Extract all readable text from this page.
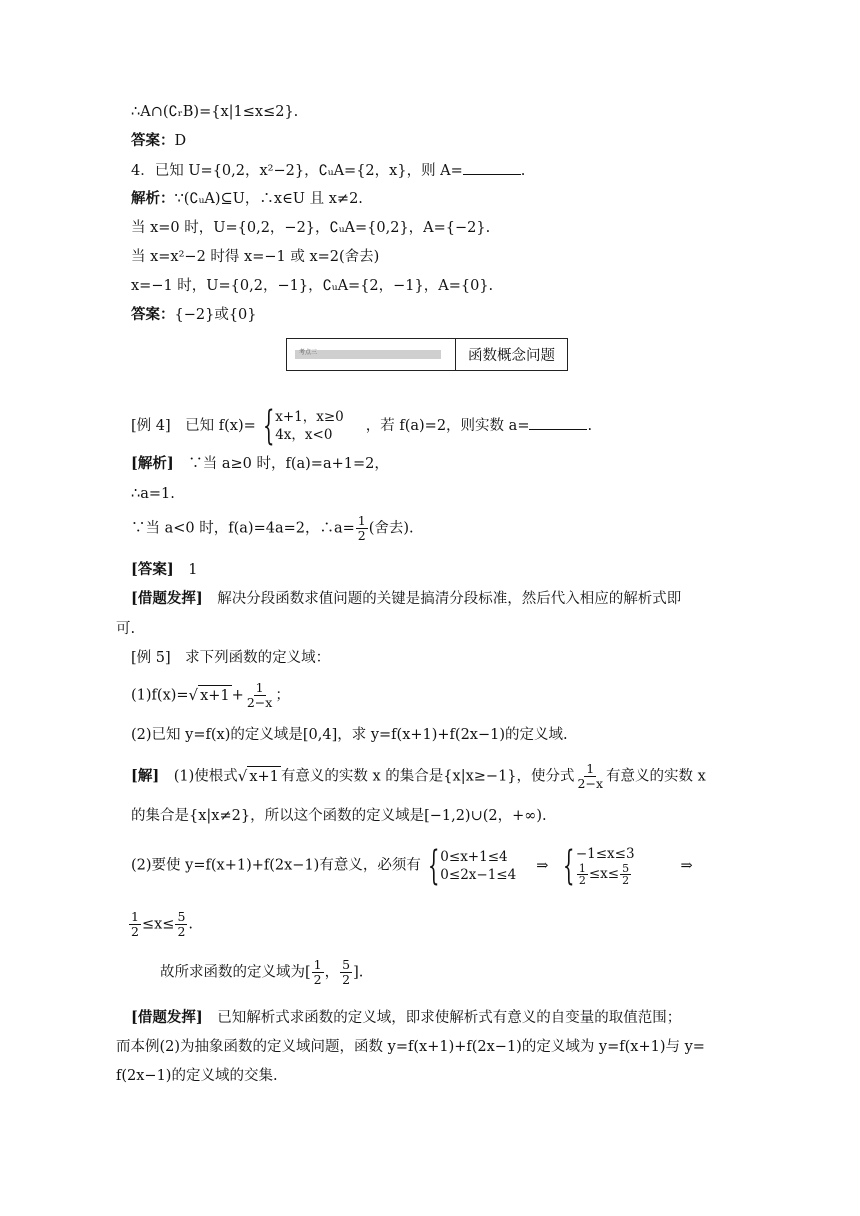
∴A∩(∁ᵣB)={x|1≤x≤2}.
答案：D
4．已知 U={0,2，x²−2}，∁ᵤA={2，x}，则 A=	.
解析：∵(∁ᵤA)⊆U，∴x∈U 且 x≠2.
当 x=0 时，U={0,2，−2}，∁ᵤA={0,2}，A={−2}.
当 x=x²−2 时得 x=−1 或 x=2(舍去)
x=−1 时，U={0,2，−1}，∁ᵤA={2，−1}，A={0}.
答案：{−2}或{0}
考点三	函数概念问题
[例 4]　已知 f(x)= { x+1，x≥0
4x，x<0
，若 f(a)=2，则实数 a=	.
[解析]　∵当 a≥0 时，f(a)=a+1=2，
∴a=1.
∵当 a<0 时，f(a)=4a=2，∴a= $\frac{1}{2}$ (舍去).
[答案]　1
[借题发挥]　解决分段函数求值问题的关键是搞清分段标准，然后代入相应的解析式即
可.
[例 5]　求下列函数的定义域：
(1)f(x)= √ $x+1 + \frac{1}{2-x}$ ；
(2)已知 y=f(x)的定义域是[0,4]，求 y=f(x+1)+f(2x−1)的定义域.
[解]　(1)使根式 √ x+1 有意义的实数 x 的集合是{x|x≥−1}，使分式 $\frac{1}{2-x}$ 有意义的实数 x
的集合是{x|x≠2}，所以这个函数的定义域是[−1,2)∪(2，+∞).
(2)要使 y=f(x+1)+f(2x−1)有意义，必须有 { 0≤x+1≤4
0≤2x−1≤4
⇒ { −1≤x≤3
$\frac{1}{2} \le x\le \frac{5}{2}$	⇒
$\frac{1}{2} \le x\le \frac{5}{2}$ .
故所求函数的定义域为[ $\frac{1}{2}$ ， $\frac{5}{2}$ ].
[借题发挥]　已知解析式求函数的定义域，即求使解析式有意义的自变量的取值范围；
而本例(2)为抽象函数的定义域问题，函数 y=f(x+1)+f(2x−1)的定义域为 y=f(x+1)与 y=
f(2x−1)的定义域的交集.
